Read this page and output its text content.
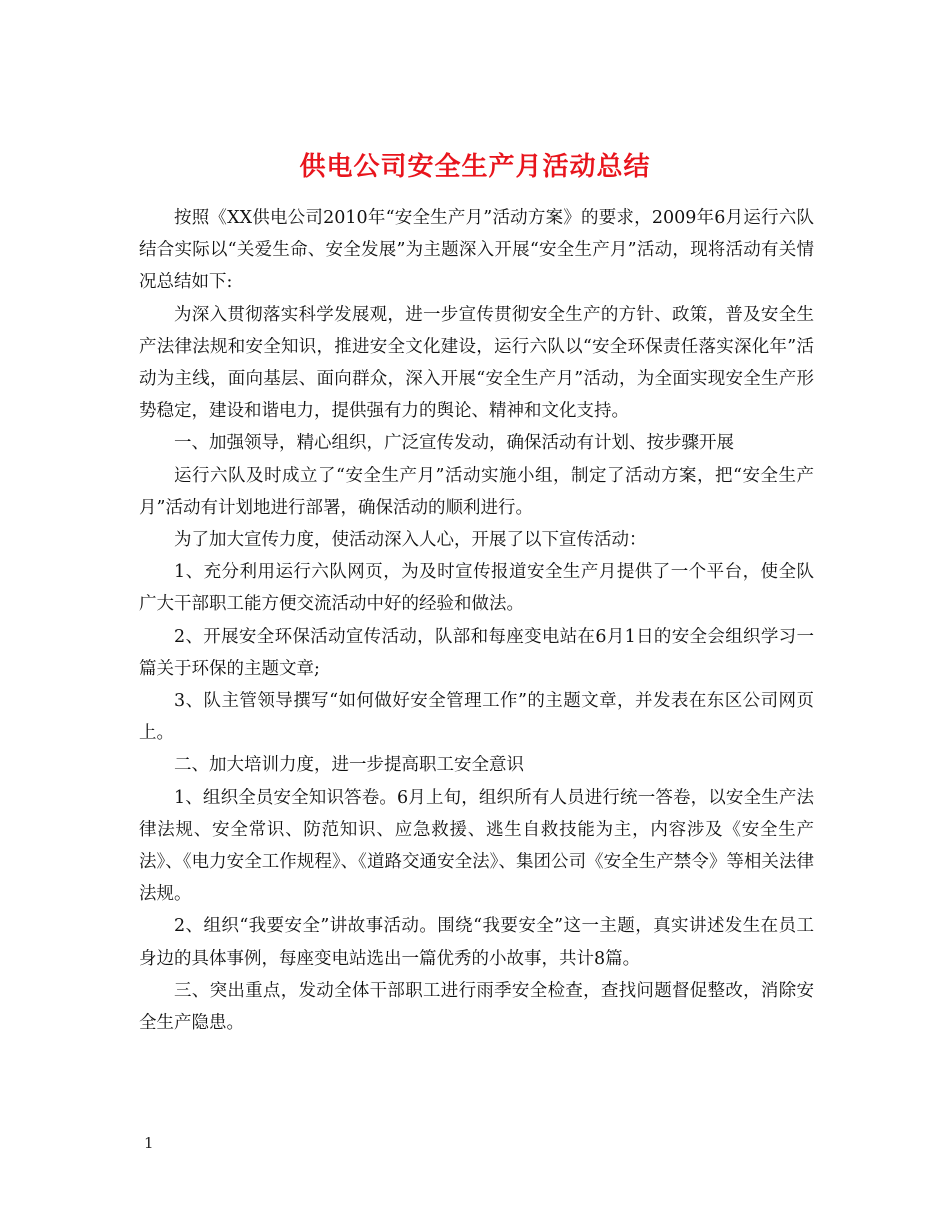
供电公司安全生产月活动总结

按照《XX供电公司2010年“安全生产月”活动方案》的要求，2009年6月运行六队结合实际以“关爱生命、安全发展”为主题深入开展“安全生产月”活动，现将活动有关情况总结如下:

为深入贯彻落实科学发展观，进一步宣传贯彻安全生产的方针、政策，普及安全生产法律法规和安全知识，推进安全文化建设，运行六队以“安全环保责任落实深化年”活动为主线，面向基层、面向群众，深入开展“安全生产月”活动，为全面实现安全生产形势稳定，建设和谐电力，提供强有力的舆论、精神和文化支持。

一、加强领导，精心组织，广泛宣传发动，确保活动有计划、按步骤开展

运行六队及时成立了“安全生产月”活动实施小组，制定了活动方案，把“安全生产月”活动有计划地进行部署，确保活动的顺利进行。

为了加大宣传力度，使活动深入人心，开展了以下宣传活动：

1、充分利用运行六队网页，为及时宣传报道安全生产月提供了一个平台，使全队广大干部职工能方便交流活动中好的经验和做法。

2、开展安全环保活动宣传活动，队部和每座变电站在6月1日的安全会组织学习一篇关于环保的主题文章;

3、队主管领导撰写“如何做好安全管理工作”的主题文章，并发表在东区公司网页上。

二、加大培训力度，进一步提高职工安全意识

1、组织全员安全知识答卷。6月上旬，组织所有人员进行统一答卷，以安全生产法律法规、安全常识、防范知识、应急救援、逃生自救技能为主，内容涉及《安全生产法》、《电力安全工作规程》、《道路交通安全法》、集团公司《安全生产禁令》等相关法律法规。

2、组织“我要安全”讲故事活动。围绕“我要安全”这一主题，真实讲述发生在员工身边的具体事例，每座变电站选出一篇优秀的小故事，共计8篇。

三、突出重点，发动全体干部职工进行雨季安全检查，查找问题督促整改，消除安全生产隐患。

1
